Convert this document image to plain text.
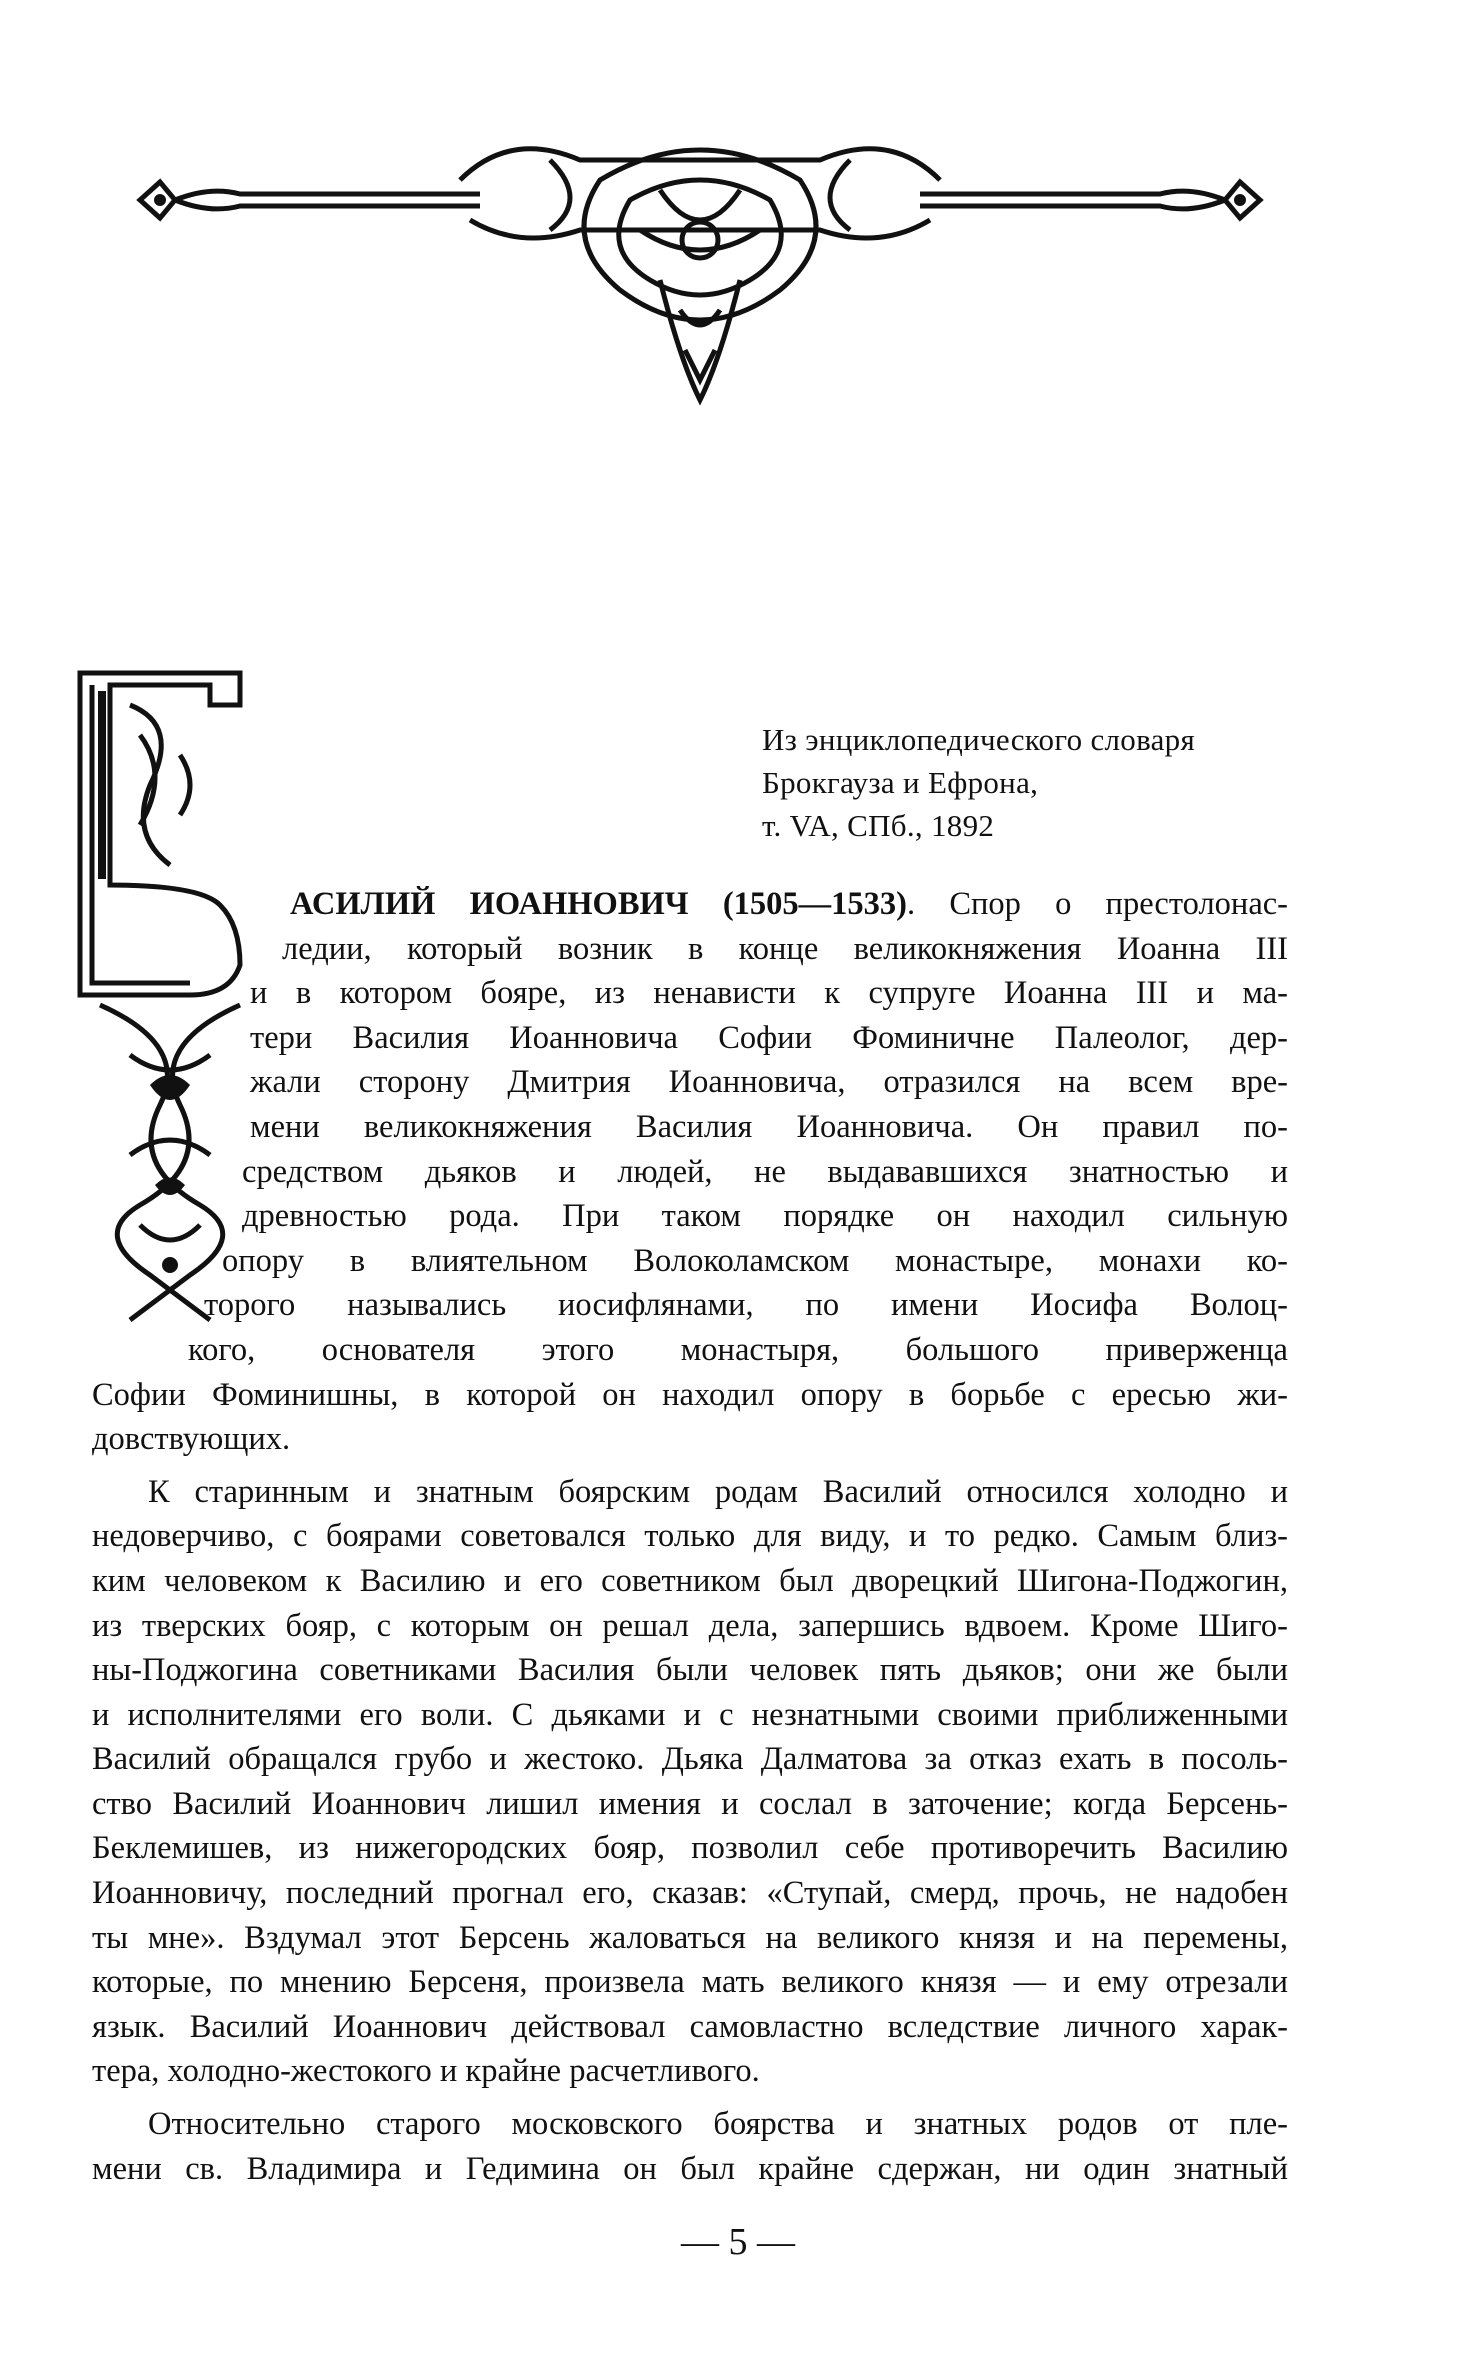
Из энциклопедического словаря
Брокгауза и Ефрона,
т. VA, СПб., 1892
АСИЛИЙ ИОАННОВИЧ (1505—1533). Спор о престолонас-
ледии, который возник в конце великокняжения Иоанна III
и в котором бояре, из ненависти к супруге Иоанна III и ма-
тери Василия Иоанновича Софии Фоминичне Палеолог, дер-
жали сторону Дмитрия Иоанновича, отразился на всем вре-
мени великокняжения Василия Иоанновича. Он правил по-
средством дьяков и людей, не выдававшихся знатностью и
древностью рода. При таком порядке он находил сильную
опору в влиятельном Волоколамском монастыре, монахи ко-
торого назывались иосифлянами, по имени Иосифа Волоц-
кого, основателя этого монастыря, большого приверженца
Софии Фоминишны, в которой он находил опору в борьбе с ересью жи-
довствующих.
К старинным и знатным боярским родам Василий относился холодно и
недоверчиво, с боярами советовался только для виду, и то редко. Самым близ-
ким человеком к Василию и его советником был дворецкий Шигона-Поджогин,
из тверских бояр, с которым он решал дела, запершись вдвоем. Кроме Шиго-
ны-Поджогина советниками Василия были человек пять дьяков; они же были
и исполнителями его воли. С дьяками и с незнатными своими приближенными
Василий обращался грубо и жестоко. Дьяка Далматова за отказ ехать в посоль-
ство Василий Иоаннович лишил имения и сослал в заточение; когда Берсень-
Беклемишев, из нижегородских бояр, позволил себе противоречить Василию
Иоанновичу, последний прогнал его, сказав: «Ступай, смерд, прочь, не надобен
ты мне». Вздумал этот Берсень жаловаться на великого князя и на перемены,
которые, по мнению Берсеня, произвела мать великого князя — и ему отрезали
язык. Василий Иоаннович действовал самовластно вследствие личного харак-
тера, холодно-жестокого и крайне расчетливого.
Относительно старого московского боярства и знатных родов от пле-
мени св. Владимира и Гедимина он был крайне сдержан, ни один знатный
— 5 —
